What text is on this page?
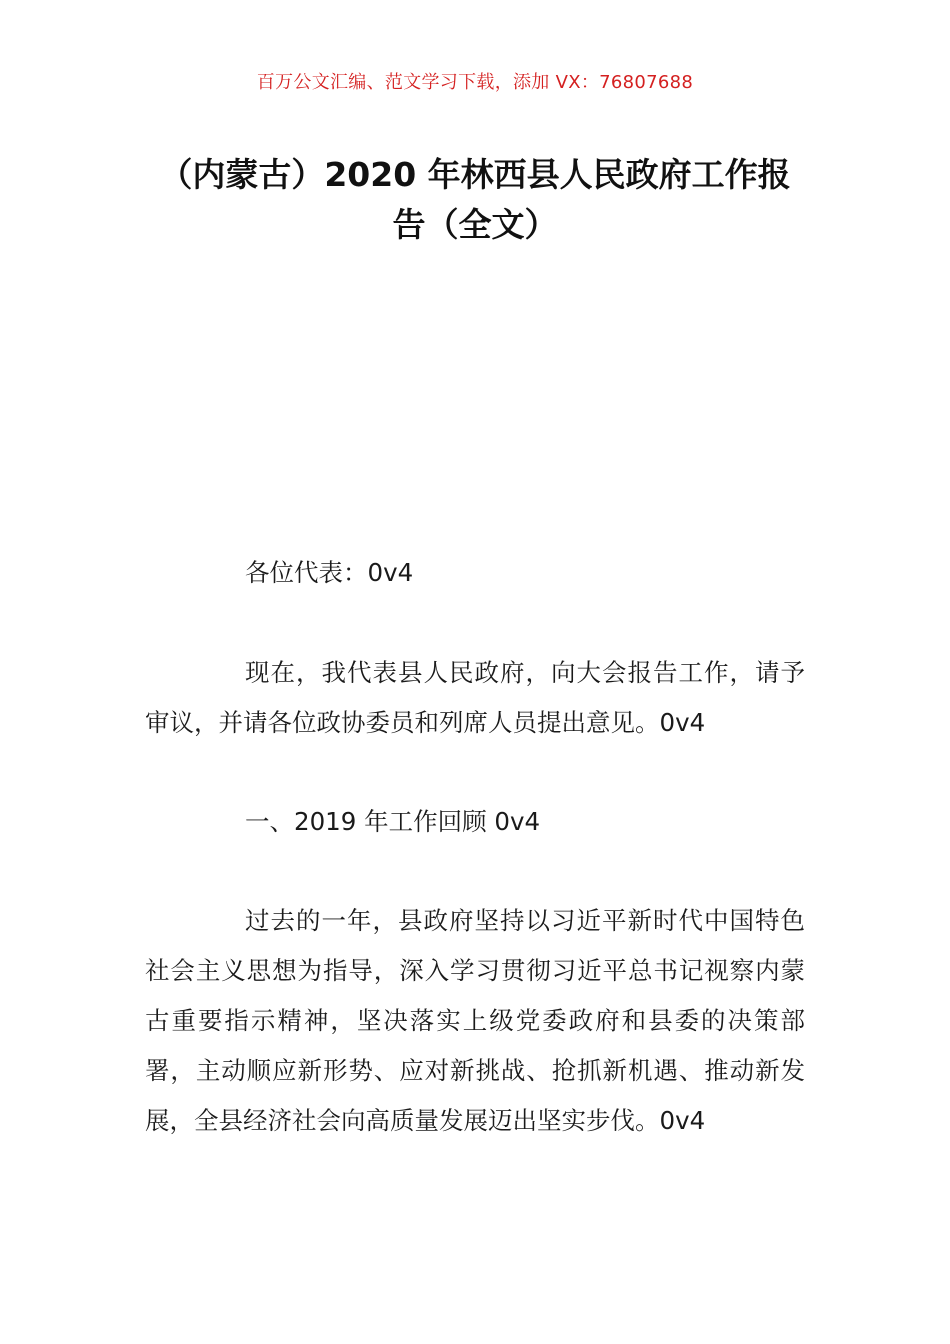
百万公文汇编、范文学习下载，添加 VX：76807688
（内蒙古）2020 年林西县人民政府工作报
告（全文）

各位代表：0v4

现在，我代表县人民政府，向大会报告工作，请予审议，并请各位政协委员和列席人员提出意见。0v4

一、2019 年工作回顾 0v4

过去的一年，县政府坚持以习近平新时代中国特色社会主义思想为指导，深入学习贯彻习近平总书记视察内蒙古重要指示精神，坚决落实上级党委政府和县委的决策部署，主动顺应新形势、应对新挑战、抢抓新机遇、推动新发展，全县经济社会向高质量发展迈出坚实步伐。0v4
